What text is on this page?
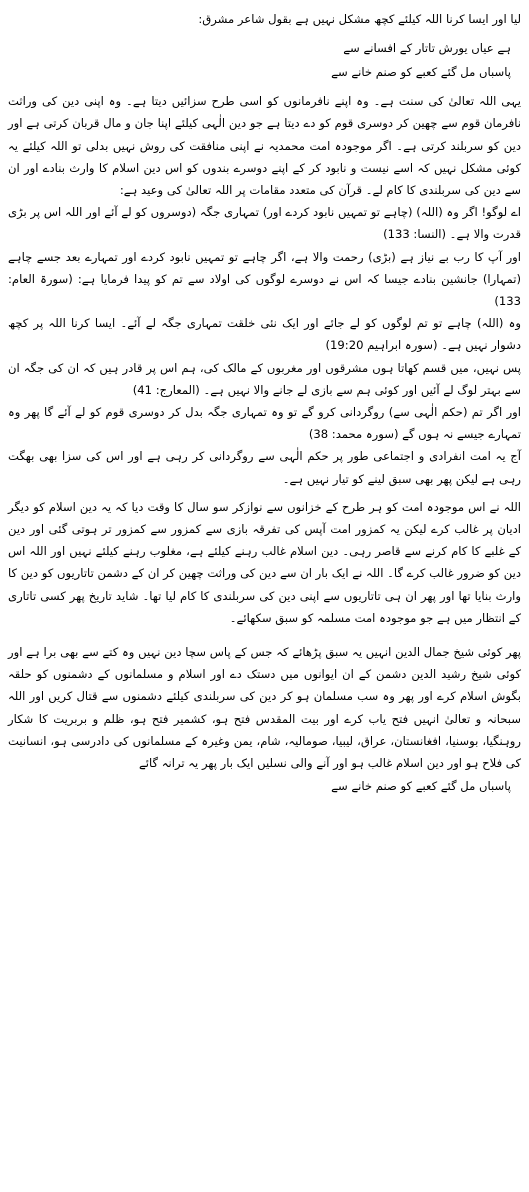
لیا اور ایسا کرنا اللہ کیلئے کچھ مشکل نہیں ہے بقول شاعر مشرق:

ہے عیاں یورش تاتار کے افسانے سے

پاسباں مل گئے کعبے کو صنم خانے سے

یہی اللہ تعالیٰ کی سنت ہے۔ وہ اپنے نافرمانوں کو اسی طرح سزائیں دیتا ہے۔ وہ اپنی دین کی وراثت نافرمان قوم سے چھین کر دوسری قوم کو دے دیتا ہے جو دین الٰہی کیلئے اپنا جان و مال قربان کرتی ہے اور دین کو سربلند کرتی ہے۔ اگر موجودہ امت محمدیہ نے اپنی منافقت کی روش نہیں بدلی تو اللہ کیلئے یہ کوئی مشکل نہیں کہ اسے نیست و نابود کر کے اپنے دوسرے بندوں کو اس دین اسلام کا وارث بنادے اور ان سے دین کی سربلندی کا کام لے۔ قرآن کی متعدد مقامات پر اللہ تعالیٰ کی وعید ہے:

اے لوگو! اگر وہ (اللہ) (چاہے تو تمہیں نابود کردے اور) تمہاری جگہ (دوسروں کو لے آئے اور اللہ اس پر بڑی قدرت والا ہے۔ (النسا: 133)

اور آپ کا رب بے نیاز ہے (بڑی) رحمت والا ہے، اگر چاہے تو تمہیں نابود کردے اور تمہارے بعد جسے چاہے (تمہارا) جانشین بنادے جیسا کہ اس نے دوسرے لوگوں کی اولاد سے تم کو پیدا فرمایا ہے: (سورۃ العام: 133)

وہ (اللہ) چاہے تو تم لوگوں کو لے جائے اور ایک نئی خلقت تمہاری جگہ لے آئے۔ ایسا کرنا اللہ پر کچھ دشوار نہیں ہے۔ (سورہ ابراہیم 19:20)

پس نہیں، میں قسم کھاتا ہوں مشرقوں اور مغربوں کے مالک کی، ہم اس پر قادر ہیں کہ ان کی جگہ ان سے بہتر لوگ لے آئیں اور کوئی ہم سے بازی لے جانے والا نہیں ہے۔ (المعارج: 41)

اور اگر تم (حکم الٰہی سے) روگردانی کرو گے تو وہ تمہاری جگہ بدل کر دوسری قوم کو لے آئے گا پھر وہ تمہارے جیسے نہ ہوں گے (سورہ محمد: 38)

آج یہ امت انفرادی و اجتماعی طور پر حکم الٰہی سے روگردانی کر رہی ہے اور اس کی سزا بھی بھگت رہی ہے لیکن پھر بھی سبق لینے کو تیار نہیں ہے۔

اللہ نے اس موجودہ امت کو ہر طرح کے خزانوں سے نوازکر سو سال کا وقت دیا کہ یہ دین اسلام کو دیگر ادیان پر غالب کرے لیکن یہ کمزور امت آپس کی تفرقہ بازی سے کمزور سے کمزور تر ہوتی گئی اور دین کے غلبے کا کام کرنے سے قاصر رہی۔ دین اسلام غالب رہنے کیلئے ہے، مغلوب رہنے کیلئے نہیں اور اللہ اس دین کو ضرور غالب کرے گا۔ اللہ نے ایک بار ان سے دین کی وراثت چھین کر ان کے دشمن تاتاریوں کو دین کا وارث بنایا تھا اور پھر ان ہی تاتاریوں سے اپنی دین کی سربلندی کا کام لیا تھا۔ شاید تاریخ پھر کسی تاتاری کے انتظار میں ہے جو موجودہ امت مسلمہ کو سبق سکھائے۔

پھر کوئی شیخ جمال الدین انہیں یہ سبق پڑھائے کہ جس کے پاس سچا دین نہیں وہ کتے سے بھی برا ہے اور کوئی شیخ رشید الدین دشمن کے ان ایوانوں میں دستک دے اور اسلام و مسلمانوں کے دشمنوں کو حلقہ بگوش اسلام کرے اور پھر وہ سب مسلمان ہو کر دین کی سربلندی کیلئے دشمنوں سے قتال کریں اور اللہ سبحانہ و تعالیٰ انہیں فتح یاب کرے اور بیت المقدس فتح ہو، کشمیر فتح ہو، ظلم و بربریت کا شکار روہنگیا، بوسنیا، افغانستان، عراق، لیبیا، صومالیہ، شام، یمن وغیرہ کے مسلمانوں کی دادرسی ہو، انسانیت کی فلاح ہو اور دین اسلام غالب ہو اور آنے والی نسلیں ایک بار پھر یہ ترانہ گائے

پاسباں مل گئے کعبے کو صنم خانے سے
